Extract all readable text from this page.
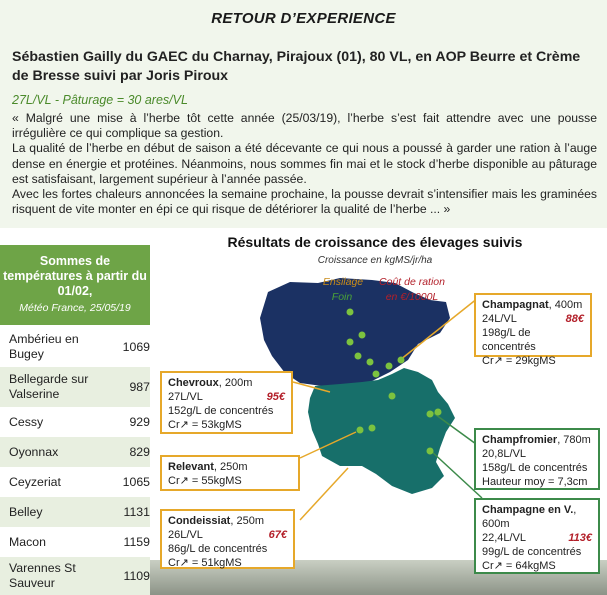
RETOUR D’EXPERIENCE
Sébastien Gailly du GAEC du Charnay, Pirajoux (01), 80 VL, en AOP Beurre et Crème de Bresse suivi par Joris Piroux
27L/VL - Pâturage = 30 ares/VL

« Malgré une mise à l’herbe tôt cette année (25/03/19), l’herbe s’est fait attendre avec une pousse irrégulière ce qui complique sa gestion.

La qualité de l’herbe en début de saison a été décevante ce qui nous a poussé à garder une ration à l’auge dense en énergie et protéines. Néanmoins, nous sommes fin mai et le stock d’herbe disponible au pâturage est satisfaisant, largement supérieur à l’année passée.

Avec les fortes chaleurs annoncées la semaine prochaine, la pousse devrait s’intensifier mais les graminées risquent de vite monter en épi ce qui risque de détériorer la qualité de l’herbe ... »

Sommes de températures à partir du 01/02,
Météo France, 25/05/19
Ambérieu en Bugey	1069
Bellegarde sur Valserine	987
Cessy	929
Oyonnax	829
Ceyzeriat	1065
Belley	1131
Macon	1159
Varennes St Sauveur	1109
Résultats de croissance des élevages suivis
Croissance en kgMS/jr/ha
Ensilage
Foin
Coût de ration
en €/1000L
Champagnat, 400m
24L/VL	88€
198g/L de concentrés
Cr↗ = 29kgMS
Chevroux, 200m
27L/VL	95€
152g/L de concentrés
Cr↗ = 53kgMS
Champfromier, 780m
20,8L/VL
158g/L de concentrés
Hauteur moy = 7,3cm
Relevant, 250m
Cr↗ = 55kgMS
Condeissiat, 250m
26L/VL	67€
86g/L de concentrés
Cr↗ = 51kgMS
Champagne en V.,
600m
22,4L/VL	113€
99g/L de concentrés
Cr↗ = 64kgMS
